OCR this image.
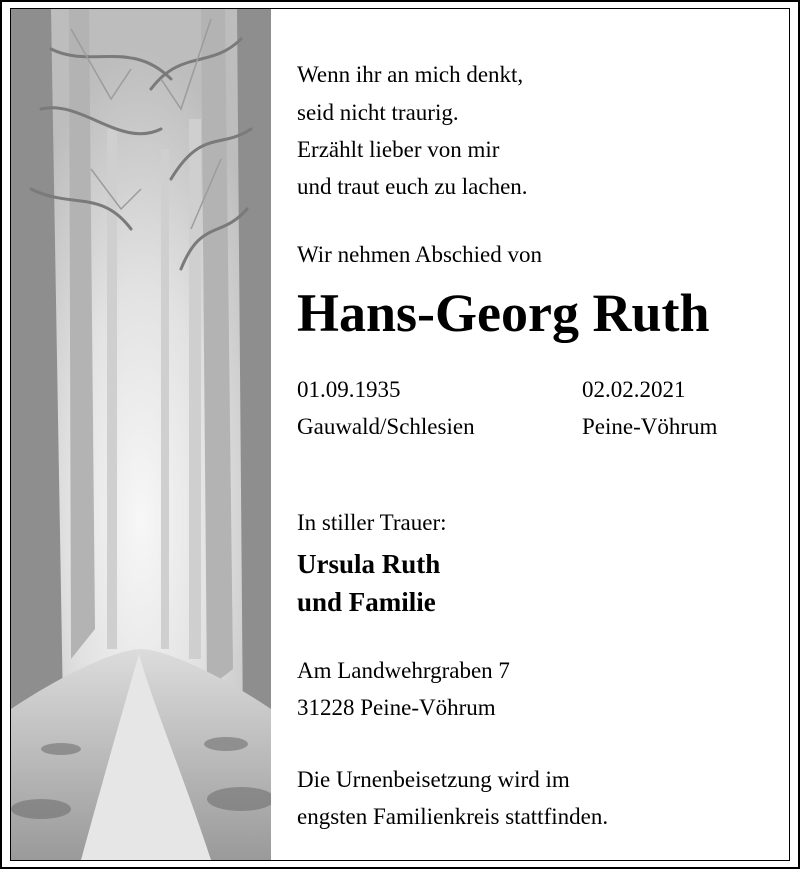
Wenn ihr an mich denkt,
seid nicht traurig.
Erzählt lieber von mir
und traut euch zu lachen.
Wir nehmen Abschied von
Hans-Georg Ruth
01.09.1935	02.02.2021
Gauwald/Schlesien	Peine-Vöhrum
In stiller Trauer:
Ursula Ruth
und Familie
Am Landwehrgraben 7
31228 Peine-Vöhrum
Die Urnenbeisetzung wird im
engsten Familienkreis stattfinden.
